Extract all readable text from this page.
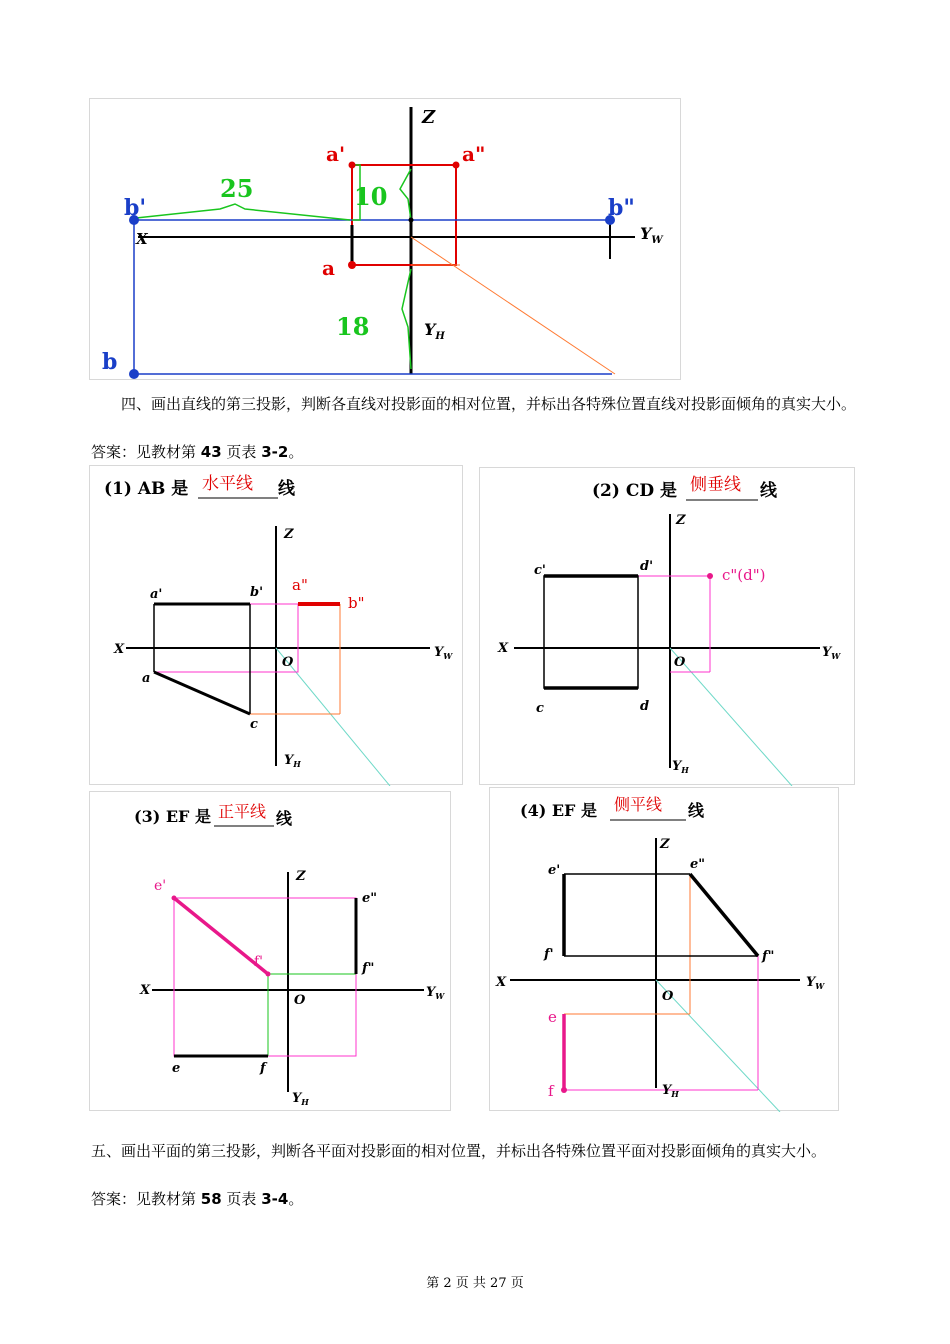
Z
X	$Y_W$
$Y_H$
a'	a"
a
b'	b"
b
25	10
18

四、画出直线的第三投影，判断各直线对投影面的相对位置，并标出各特殊位置直线对投影面倾角的真实大小。

答案：见教材第 43 页表 3-2。

(1) AB 是 水平线 线
Z
X	$Y_W$
$Y_H$
O
a'	b' a"
b"
a
c
(2) CD 是 侧垂线 线
Z
X	$Y_W$
$Y_H$
O
c'	d'	c"(d")
c	d
(3) EF 是 正平线 线
Z
X	$Y_W$
$Y_H$
O
e'
f'
e"
f"
e	f
(4) EF 是 侧平线 线
Z
X	$Y_W$
$Y_H$
O
e'
f'
e"
f"
e
f

五、画出平面的第三投影，判断各平面对投影面的相对位置，并标出各特殊位置平面对投影面倾角的真实大小。

答案：见教材第 58 页表 3-4。

第 2 页 共 27 页
